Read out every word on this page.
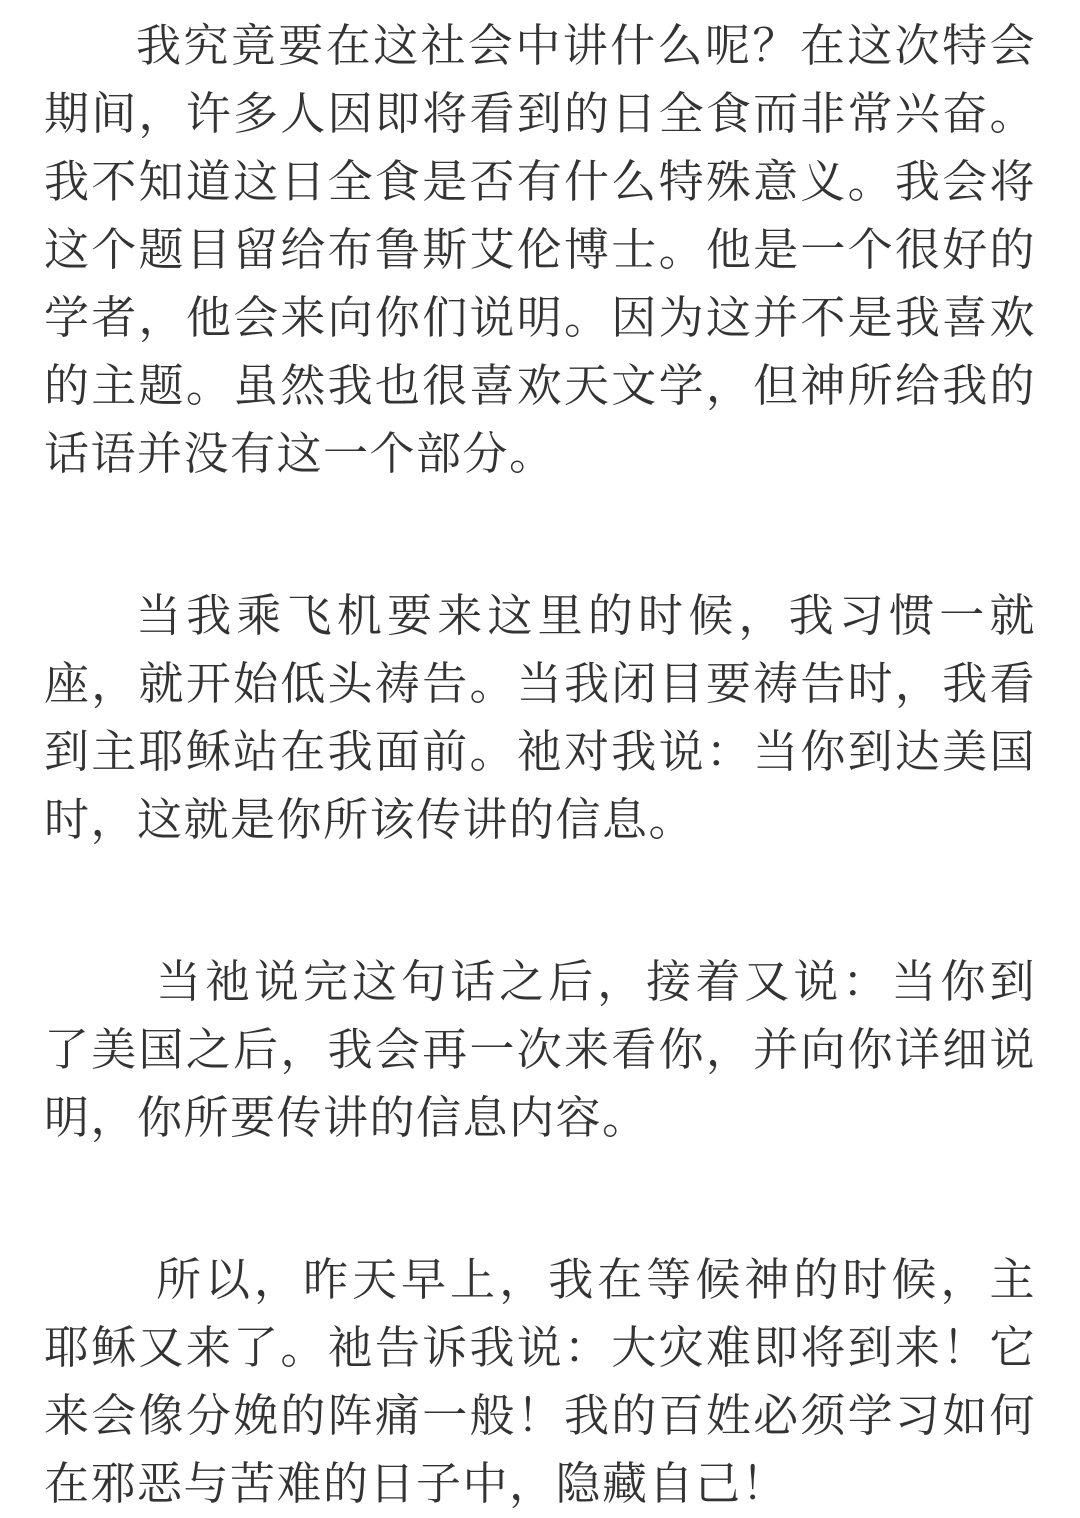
我究竟要在这社会中讲什么呢？在这次特会期间，许多人因即将看到的日全食而非常兴奋。我不知道这日全食是否有什么特殊意义。我会将这个题目留给布鲁斯艾伦博士。他是一个很好的学者，他会来向你们说明。因为这并不是我喜欢的主题。虽然我也很喜欢天文学，但神所给我的话语并没有这一个部分。

当我乘飞机要来这里的时候，我习惯一就座，就开始低头祷告。当我闭目要祷告时，我看到主耶稣站在我面前。祂对我说：当你到达美国时，这就是你所该传讲的信息。

当祂说完这句话之后，接着又说：当你到了美国之后，我会再一次来看你，并向你详细说明，你所要传讲的信息内容。

所以，昨天早上，我在等候神的时候，主耶稣又来了。祂告诉我说：大灾难即将到来！它来会像分娩的阵痛一般！我的百姓必须学习如何在邪恶与苦难的日子中，隐藏自己！
